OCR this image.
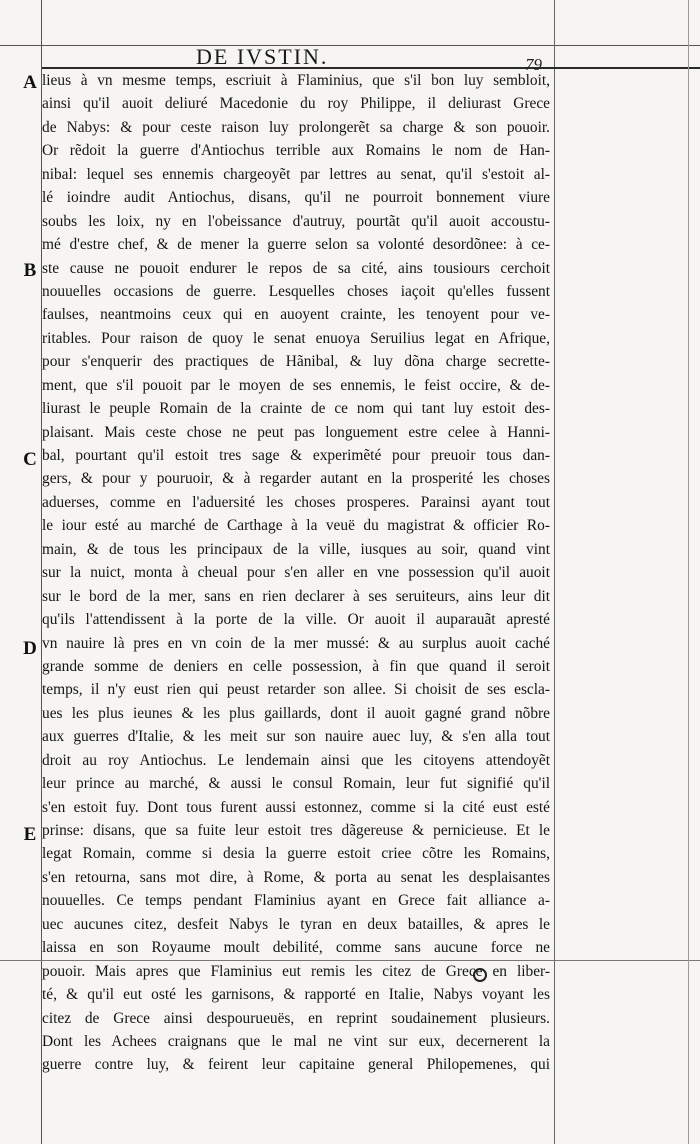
DE IVSTIN.	79
A
B
C
D
E
lieus à vn mesme temps, escriuit à Flaminius, que s'il bon luy sembloit,
ainsi qu'il auoit deliuré Macedonie du roy Philippe, il deliurast Grece
de Nabys: & pour ceste raison luy prolongerẽt sa charge & son pouoir.
Or rẽdoit la guerre d'Antiochus terrible aux Romains le nom de Han-
nibal: lequel ses ennemis chargeoyẽt par lettres au senat, qu'il s'estoit al-
lé ioindre audit Antiochus, disans, qu'il ne pourroit bonnement viure
soubs les loix, ny en l'obeissance d'autruy, pourtãt qu'il auoit accoustu-
mé d'estre chef, & de mener la guerre selon sa volonté desordõnee: à ce-
ste cause ne pouoit endurer le repos de sa cité, ains tousiours cerchoit
nouuelles occasions de guerre. Lesquelles choses iaçoit qu'elles fussent
faulses, neantmoins ceux qui en auoyent crainte, les tenoyent pour ve-
ritables. Pour raison de quoy le senat enuoya Seruilius legat en Afrique,
pour s'enquerir des practiques de Hãnibal, & luy dõna charge secrette-
ment, que s'il pouoit par le moyen de ses ennemis, le feist occire, & de-
liurast le peuple Romain de la crainte de ce nom qui tant luy estoit des-
plaisant. Mais ceste chose ne peut pas longuement estre celee à Hanni-
bal, pourtant qu'il estoit tres sage & experimẽté pour preuoir tous dan-
gers, & pour y pouruoir, & à regarder autant en la prosperité les choses
aduerses, comme en l'aduersité les choses prosperes. Parainsi ayant tout
le iour esté au marché de Carthage à la veuë du magistrat & officier Ro-
main, & de tous les principaux de la ville, iusques au soir, quand vint
sur la nuict, monta à cheual pour s'en aller en vne possession qu'il auoit
sur le bord de la mer, sans en rien declarer à ses seruiteurs, ains leur dit
qu'ils l'attendissent à la porte de la ville. Or auoit il auparauãt apresté
vn nauire là pres en vn coin de la mer mussé: & au surplus auoit caché
grande somme de deniers en celle possession, à fin que quand il seroit
temps, il n'y eust rien qui peust retarder son allee. Si choisit de ses escla-
ues les plus ieunes & les plus gaillards, dont il auoit gagné grand nõbre
aux guerres d'Italie, & les meit sur son nauire auec luy, & s'en alla tout
droit au roy Antiochus. Le lendemain ainsi que les citoyens attendoyẽt
leur prince au marché, & aussi le consul Romain, leur fut signifié qu'il
s'en estoit fuy. Dont tous furent aussi estonnez, comme si la cité eust esté
prinse: disans, que sa fuite leur estoit tres dãgereuse & pernicieuse. Et le
legat Romain, comme si desia la guerre estoit criee cõtre les Romains,
s'en retourna, sans mot dire, à Rome, & porta au senat les desplaisantes
nouuelles. Ce temps pendant Flaminius ayant en Grece fait alliance a-
uec aucunes citez, desfeit Nabys le tyran en deux batailles, & apres le
laissa en son Royaume moult debilité, comme sans aucune force ne
pouoir. Mais apres que Flaminius eut remis les citez de Grece en liber-
té, & qu'il eut osté les garnisons, & rapporté en Italie, Nabys voyant les
citez de Grece ainsi despourueuës, en reprint soudainement plusieurs.
Dont les Achees craignans que le mal ne vint sur eux, decernerent la
guerre contre luy, & feirent leur capitaine general Philopemenes, qui
